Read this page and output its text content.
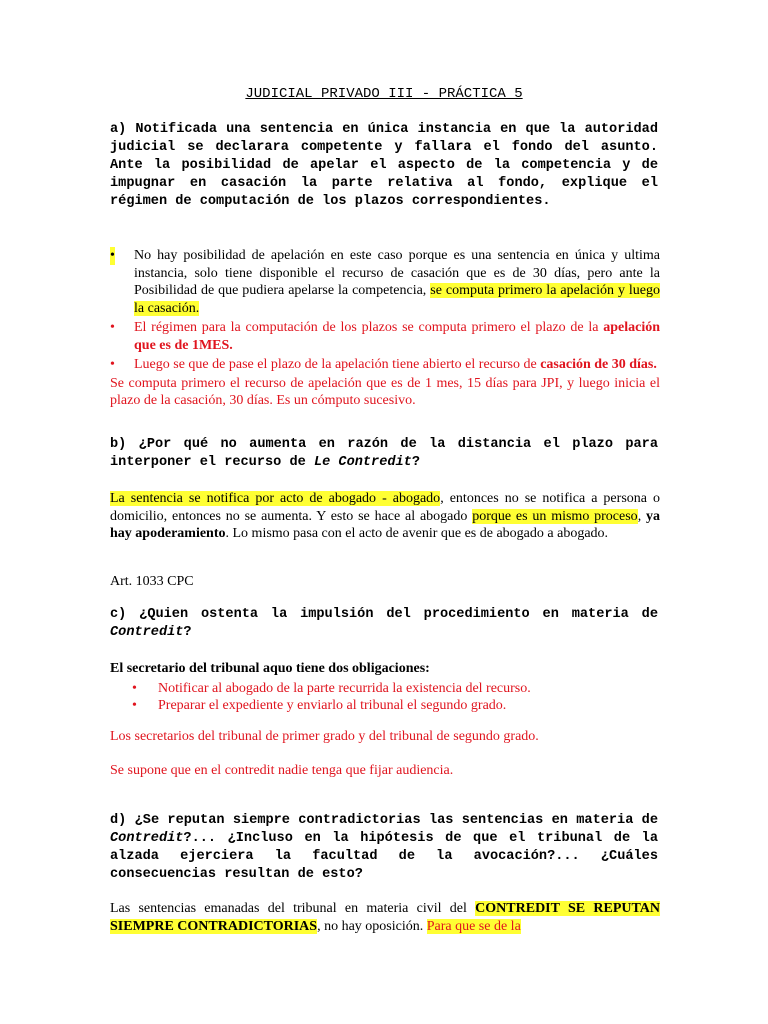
JUDICIAL PRIVADO III - PRÁCTICA 5
a) Notificada una sentencia en única instancia en que la autoridad judicial se declarara competente y fallara el fondo del asunto. Ante la posibilidad de apelar el aspecto de la competencia y de impugnar en casación la parte relativa al fondo, explique el régimen de computación de los plazos correspondientes.
• No hay posibilidad de apelación en este caso porque es una sentencia en única y ultima instancia, solo tiene disponible el recurso de casación que es de 30 días, pero ante la Posibilidad de que pudiera apelarse la competencia, se computa primero la apelación y luego la casación.
• El régimen para la computación de los plazos se computa primero el plazo de la apelación que es de 1MES.
• Luego se que de pase el plazo de la apelación tiene abierto el recurso de casación de 30 días.

Se computa primero el recurso de apelación que es de 1 mes, 15 días para JPI, y luego inicia el plazo de la casación, 30 días. Es un cómputo sucesivo.

b) ¿Por qué no aumenta en razón de la distancia el plazo para interponer el recurso de Le Contredit?
La sentencia se notifica por acto de abogado - abogado, entonces no se notifica a persona o domicilio, entonces no se aumenta. Y esto se hace al abogado porque es un mismo proceso, ya hay apoderamiento. Lo mismo pasa con el acto de avenir que es de abogado a abogado.
Art. 1033 CPC
c) ¿Quien ostenta la impulsión del procedimiento en materia de Contredit?

El secretario del tribunal aquo tiene dos obligaciones:

• Notificar al abogado de la parte recurrida la existencia del recurso.
• Preparar el expediente y enviarlo al tribunal el segundo grado.
Los secretarios del tribunal de primer grado y del tribunal de segundo grado.
Se supone que en el contredit nadie tenga que fijar audiencia.
d) ¿Se reputan siempre contradictorias las sentencias en materia de Contredit?... ¿Incluso en la hipótesis de que el tribunal de la alzada ejerciera la facultad de la avocación?... ¿Cuáles consecuencias resultan de esto?
Las sentencias emanadas del tribunal en materia civil del CONTREDIT SE REPUTAN SIEMPRE CONTRADICTORIAS, no hay oposición. Para que se de la
